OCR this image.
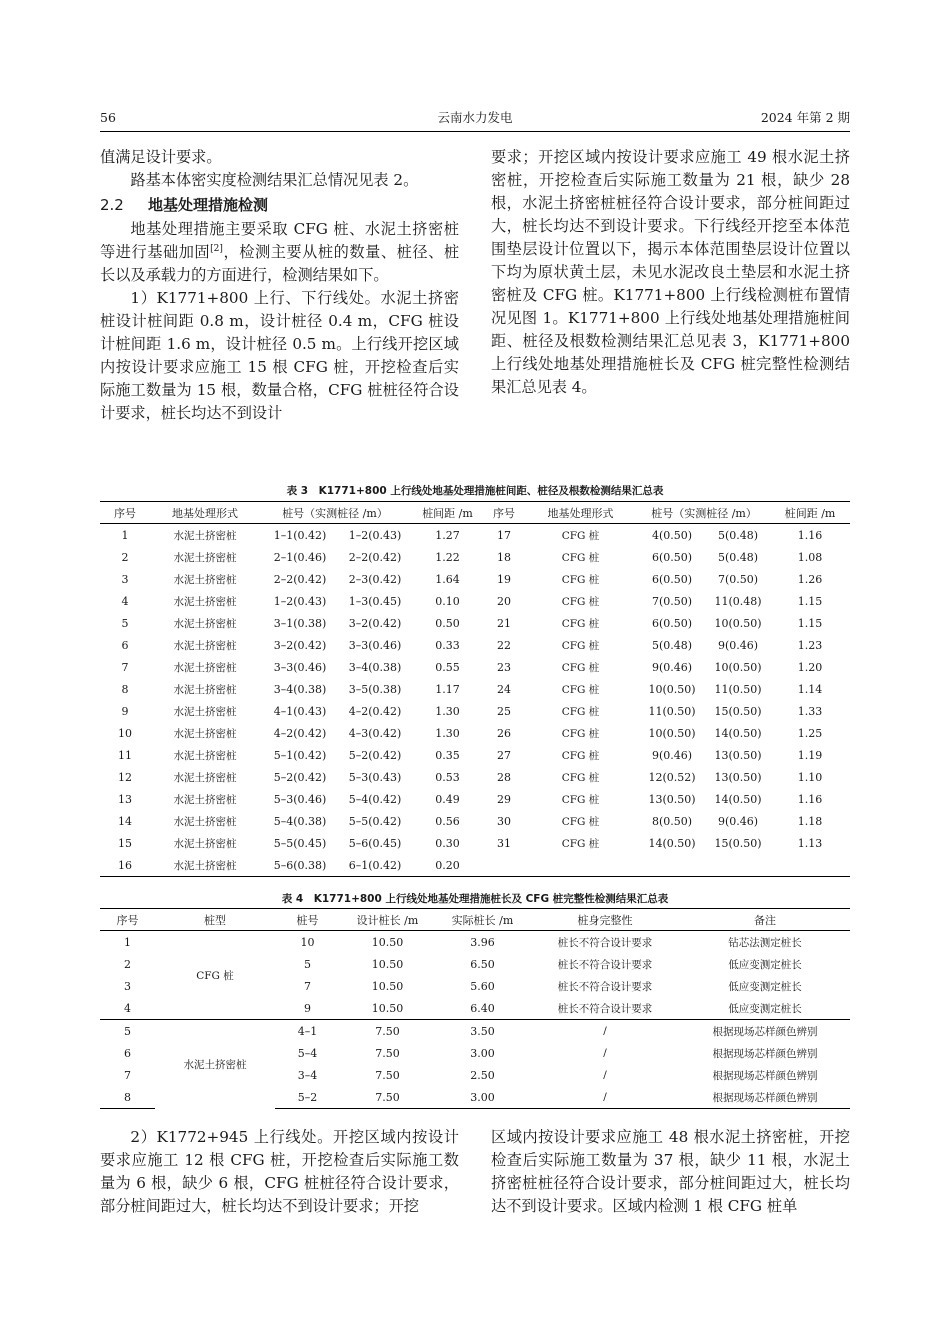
56	云南水力发电	2024 年第 2 期

值满足设计要求。

路基本体密实度检测结果汇总情况见表 2。

2.2 地基处理措施检测

地基处理措施主要采取 CFG 桩、水泥土挤密桩等进行基础加固[2]，检测主要从桩的数量、桩径、桩长以及承载力的方面进行，检测结果如下。

1）K1771+800 上行、下行线处。水泥土挤密桩设计桩间距 0.8 m，设计桩径 0.4 m，CFG 桩设计桩间距 1.6 m，设计桩径 0.5 m。上行线开挖区域内按设计要求应施工 15 根 CFG 桩，开挖检查后实际施工数量为 15 根，数量合格，CFG 桩桩径符合设计要求，桩长均达不到设计

要求；开挖区域内按设计要求应施工 49 根水泥土挤密桩，开挖检查后实际施工数量为 21 根，缺少 28 根，水泥土挤密桩桩径符合设计要求，部分桩间距过大，桩长均达不到设计要求。下行线经开挖至本体范围垫层设计位置以下，揭示本体范围垫层设计位置以下均为原状黄土层，未见水泥改良土垫层和水泥土挤密桩及 CFG 桩。K1771+800 上行线检测桩布置情况见图 1。K1771+800 上行线处地基处理措施桩间距、桩径及根数检测结果汇总见表 3，K1771+800 上行线处地基处理措施桩长及 CFG 桩完整性检测结果汇总见表 4。

表 3　K1771+800 上行线处地基处理措施桩间距、桩径及根数检测结果汇总表
序号	地基处理形式	桩号（实测桩径 /m）		桩间距 /m	序号	地基处理形式	桩号（实测桩径 /m）		桩间距 /m
1	水泥土挤密桩	1–1(0.42)	1–2(0.43)	1.27	17	CFG 桩	4(0.50)	5(0.48)	1.16
2	水泥土挤密桩	2–1(0.46)	2–2(0.42)	1.22	18	CFG 桩	6(0.50)	5(0.48)	1.08
3	水泥土挤密桩	2–2(0.42)	2–3(0.42)	1.64	19	CFG 桩	6(0.50)	7(0.50)	1.26
4	水泥土挤密桩	1–2(0.43)	1–3(0.45)	0.10	20	CFG 桩	7(0.50)	11(0.48)	1.15
5	水泥土挤密桩	3–1(0.38)	3–2(0.42)	0.50	21	CFG 桩	6(0.50)	10(0.50)	1.15
6	水泥土挤密桩	3–2(0.42)	3–3(0.46)	0.33	22	CFG 桩	5(0.48)	9(0.46)	1.23
7	水泥土挤密桩	3–3(0.46)	3–4(0.38)	0.55	23	CFG 桩	9(0.46)	10(0.50)	1.20
8	水泥土挤密桩	3–4(0.38)	3–5(0.38)	1.17	24	CFG 桩	10(0.50)	11(0.50)	1.14
9	水泥土挤密桩	4–1(0.43)	4–2(0.42)	1.30	25	CFG 桩	11(0.50)	15(0.50)	1.33
10	水泥土挤密桩	4–2(0.42)	4–3(0.42)	1.30	26	CFG 桩	10(0.50)	14(0.50)	1.25
11	水泥土挤密桩	5–1(0.42)	5–2(0.42)	0.35	27	CFG 桩	9(0.46)	13(0.50)	1.19
12	水泥土挤密桩	5–2(0.42)	5–3(0.43)	0.53	28	CFG 桩	12(0.52)	13(0.50)	1.10
13	水泥土挤密桩	5–3(0.46)	5–4(0.42)	0.49	29	CFG 桩	13(0.50)	14(0.50)	1.16
14	水泥土挤密桩	5–4(0.38)	5–5(0.42)	0.56	30	CFG 桩	8(0.50)	9(0.46)	1.18
15	水泥土挤密桩	5–5(0.45)	5–6(0.45)	0.30	31	CFG 桩	14(0.50)	15(0.50)	1.13
16	水泥土挤密桩	5–6(0.38)	6–1(0.42)	0.20					
表 4　K1771+800 上行线处地基处理措施桩长及 CFG 桩完整性检测结果汇总表
序号	桩型	桩号	设计桩长 /m	实际桩长 /m	桩身完整性	备注
1	CFG 桩	10	10.50	3.96	桩长不符合设计要求	钻芯法测定桩长
2		5	10.50	6.50	桩长不符合设计要求	低应变测定桩长
3		7	10.50	5.60	桩长不符合设计要求	低应变测定桩长
4		9	10.50	6.40	桩长不符合设计要求	低应变测定桩长
5	水泥土挤密桩	4–1	7.50	3.50	/	根据现场芯样颜色辨别
6		5–4	7.50	3.00	/	根据现场芯样颜色辨别
7		3–4	7.50	2.50	/	根据现场芯样颜色辨别
8		5–2	7.50	3.00	/	根据现场芯样颜色辨别

2）K1772+945 上行线处。开挖区域内按设计要求应施工 12 根 CFG 桩，开挖检查后实际施工数量为 6 根，缺少 6 根，CFG 桩桩径符合设计要求，部分桩间距过大，桩长均达不到设计要求；开挖

区域内按设计要求应施工 48 根水泥土挤密桩，开挖检查后实际施工数量为 37 根，缺少 11 根，水泥土挤密桩桩径符合设计要求，部分桩间距过大，桩长均达不到设计要求。区域内检测 1 根 CFG 桩单
